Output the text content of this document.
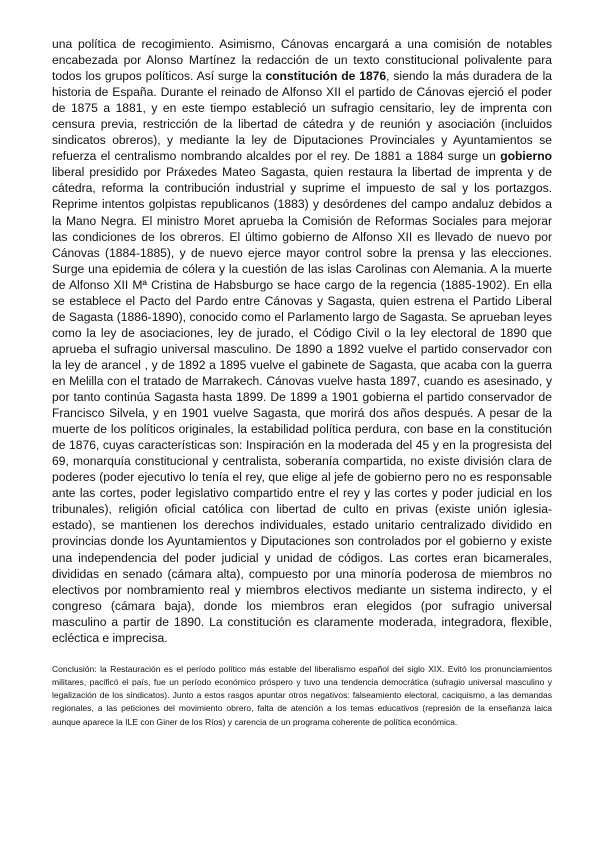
una política de recogimiento. Asimismo, Cánovas encargará a una comisión de notables encabezada por Alonso Martínez la redacción de un texto constitucional polivalente para todos los grupos políticos. Así surge la constitución de 1876, siendo la más duradera de la historia de España. Durante el reinado de Alfonso XII el partido de Cánovas ejerció el poder de 1875 a 1881, y en este tiempo estableció un sufragio censitario, ley de imprenta con censura previa, restricción de la libertad de cátedra y de reunión y asociación (incluidos sindicatos obreros), y mediante la ley de Diputaciones Provinciales y Ayuntamientos se refuerza el centralismo nombrando alcaldes por el rey. De 1881 a 1884 surge un gobierno liberal presidido por Práxedes Mateo Sagasta, quien restaura la libertad de imprenta y de cátedra, reforma la contribución industrial y suprime el impuesto de sal y los portazgos. Reprime intentos golpistas republicanos (1883) y desórdenes del campo andaluz debidos a la Mano Negra. El ministro Moret aprueba la Comisión de Reformas Sociales para mejorar las condiciones de los obreros. El último gobierno de Alfonso XII es llevado de nuevo por Cánovas (1884-1885), y de nuevo ejerce mayor control sobre la prensa y las elecciones. Surge una epidemia de cólera y la cuestión de las islas Carolinas con Alemania. A la muerte de Alfonso XII Mª Cristina de Habsburgo se hace cargo de la regencia (1885-1902). En ella se establece el Pacto del Pardo entre Cánovas y Sagasta, quien estrena el Partido Liberal de Sagasta (1886-1890), conocido como el Parlamento largo de Sagasta. Se aprueban leyes como la ley de asociaciones, ley de jurado, el Código Civil o la ley electoral de 1890 que aprueba el sufragio universal masculino. De 1890 a 1892 vuelve el partido conservador con la ley de arancel , y de 1892 a 1895 vuelve el gabinete de Sagasta, que acaba con la guerra en Melilla con el tratado de Marrakech. Cánovas vuelve hasta 1897, cuando es asesinado, y por tanto continúa Sagasta hasta 1899. De 1899 a 1901 gobierna el partido conservador de Francisco Silvela, y en 1901 vuelve Sagasta, que morirá dos años después. A pesar de la muerte de los políticos originales, la estabilidad política perdura, con base en la constitución de 1876, cuyas características son: Inspiración en la moderada del 45 y en la progresista del 69, monarquía constitucional y centralista, soberanía compartida, no existe división clara de poderes (poder ejecutivo lo tenía el rey, que elige al jefe de gobierno pero no es responsable ante las cortes, poder legislativo compartido entre el rey y las cortes y poder judicial en los tribunales), religión oficial católica con libertad de culto en privas (existe unión iglesia-estado), se mantienen los derechos individuales, estado unitario centralizado dividido en provincias donde los Ayuntamientos y Diputaciones son controlados por el gobierno y existe una independencia del poder judicial y unidad de códigos. Las cortes eran bicamerales, divididas en senado (cámara alta), compuesto por una minoría poderosa de miembros no electivos por nombramiento real y miembros electivos mediante un sistema indirecto, y el congreso (cámara baja), donde los miembros eran elegidos (por sufragio universal masculino a partir de 1890. La constitución es claramente moderada, integradora, flexible, ecléctica e imprecisa.

Conclusión: la Restauración es el período político más estable del liberalismo español del siglo XIX. Evitó los pronunciamientos militares, pacificó el país, fue un período económico próspero y tuvo una tendencia democrática (sufragio universal masculino y legalización de los sindicatos). Junto a estos rasgos apuntar otros negativos: falseamiento electoral, caciquismo, a las demandas regionales, a las peticiones del movimiento obrero, falta de atención a los temas educativos (represión de la enseñanza laica aunque aparece la ILE con Giner de los Ríos) y carencia de un programa coherente de política económica.
